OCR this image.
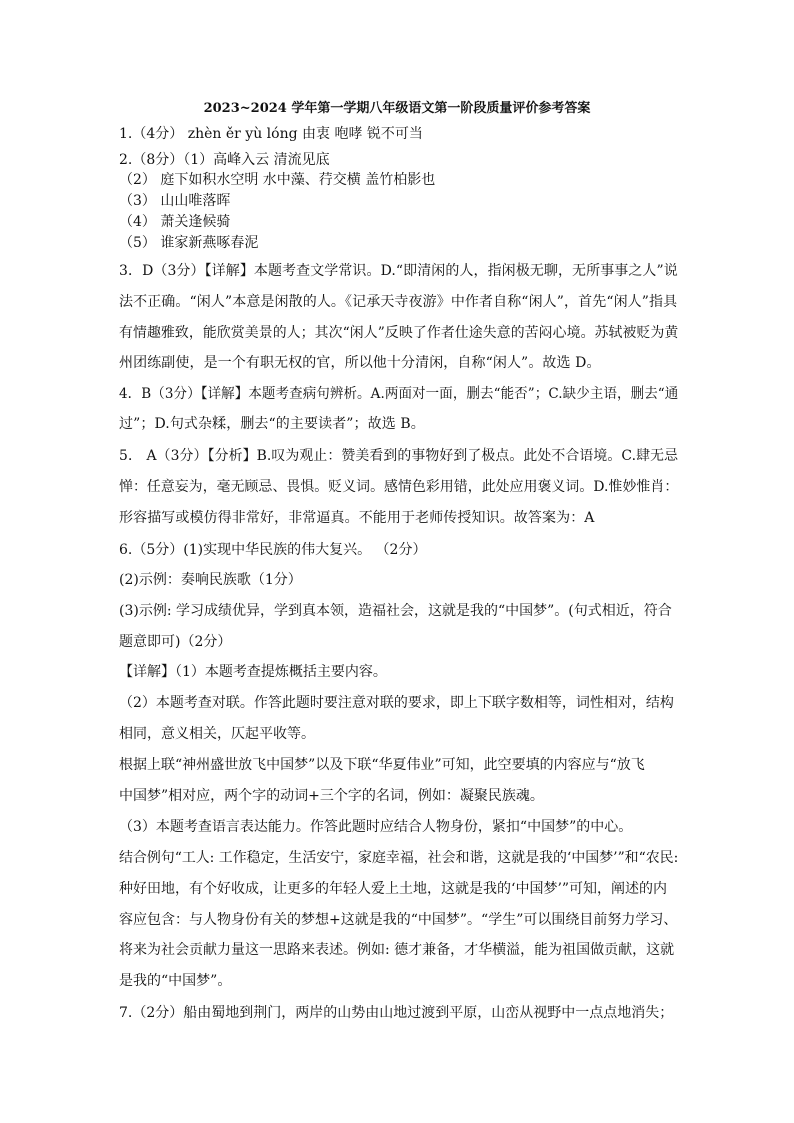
2023~2024 学年第一学期八年级语文第一阶段质量评价参考答案
1.（4分） zhèn ěr yù lóng 由衷 咆哮 锐不可当
2.（8分）（1）高峰入云 清流见底
（2） 庭下如积水空明 水中藻、荇交横 盖竹柏影也
（3） 山山唯落晖
（4） 萧关逢候骑
（5） 谁家新燕啄春泥
3．D（3分）【详解】本题考查文学常识。D.“即清闲的人，指闲极无聊，无所事事之人”说
法不正确。“闲人”本意是闲散的人。《记承天寺夜游》中作者自称“闲人”，首先“闲人”指具
有情趣雅致，能欣赏美景的人；其次“闲人”反映了作者仕途失意的苦闷心境。苏轼被贬为黄
州团练副使，是一个有职无权的官，所以他十分清闲，自称“闲人”。故选 D。
4．B（3分）【详解】本题考查病句辨析。A.两面对一面，删去“能否”；C.缺少主语，删去“通
过”；D.句式杂糅，删去“的主要读者”；故选 B。
5． A（3分）【分析】B.叹为观止：赞美看到的事物好到了极点。此处不合语境。C.肆无忌
惮：任意妄为，毫无顾忌、畏惧。贬义词。感情色彩用错，此处应用褒义词。D.惟妙惟肖：
形容描写或模仿得非常好，非常逼真。不能用于老师传授知识。故答案为：A
6.（5分）(1)实现中华民族的伟大复兴。 （2分）
(2)示例：奏响民族歌（1分）
(3)示例: 学习成绩优异，学到真本领，造福社会，这就是我的“中国梦”。(句式相近，符合
题意即可)（2分）
【详解】（1）本题考查提炼概括主要内容。
（2）本题考查对联。作答此题时要注意对联的要求，即上下联字数相等，词性相对，结构
相同，意义相关，仄起平收等。
根据上联“神州盛世放飞中国梦”以及下联“华夏伟业”可知，此空要填的内容应与“放飞
中国梦”相对应，两个字的动词+三个字的名词，例如：凝聚民族魂。
（3）本题考查语言表达能力。作答此题时应结合人物身份，紧扣“中国梦”的中心。
结合例句“工人: 工作稳定，生活安宁，家庭幸福，社会和谐，这就是我的‘中国梦’”和“农民:
种好田地，有个好收成，让更多的年轻人爱上土地，这就是我的‘中国梦’”可知，阐述的内
容应包含：与人物身份有关的梦想+这就是我的“中国梦”。“学生”可以围绕目前努力学习、
将来为社会贡献力量这一思路来表述。例如: 德才兼备，才华横溢，能为祖国做贡献，这就
是我的“中国梦”。
7.（2分）船由蜀地到荆门，两岸的山势由山地过渡到平原，山峦从视野中一点点地消失；
